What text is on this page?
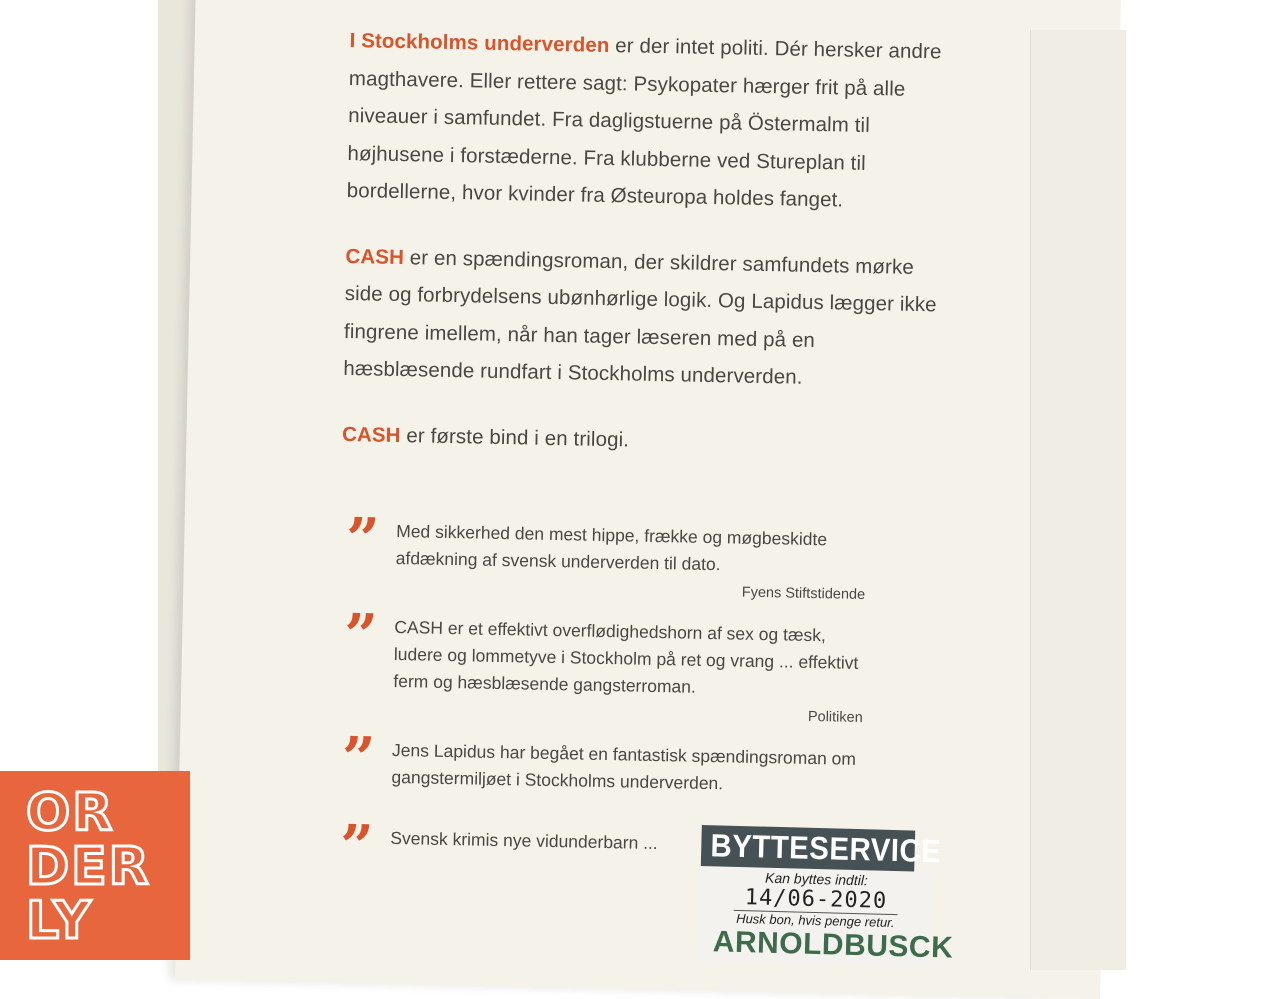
I Stockholms underverden er der intet politi. Dér hersker andre magthavere. Eller rettere sagt: Psykopater hærger frit på alle niveauer i samfundet. Fra dagligstuerne på Östermalm til højhusene i forstæderne. Fra klubberne ved Stureplan til bordellerne, hvor kvinder fra Østeuropa holdes fanget.

CASH er en spændingsroman, der skildrer samfundets mørke side og forbrydelsens ubønhørlige logik. Og Lapidus lægger ikke fingrene imellem, når han tager læseren med på en hæsblæsende rundfart i Stockholms underverden.

CASH er første bind i en trilogi.

” Med sikkerhed den mest hippe, frække og møgbeskidte afdækning af svensk underverden til dato.
Fyens Stiftstidende
” CASH er et effektivt overflødighedshorn af sex og tæsk, ludere og lommetyve i Stockholm på ret og vrang ... effektivt ferm og hæsblæsende gangsterroman.
Politiken
” Jens Lapidus har begået en fantastisk spændingsroman om gangstermiljøet i Stockholms underverden.
” Svensk krimis nye vidunderbarn ...	BYTTESERVICE
Kan byttes indtil:
14/06-2020
Husk bon, hvis penge retur.
ARNOLDBUSCK
OR
DER
LY
